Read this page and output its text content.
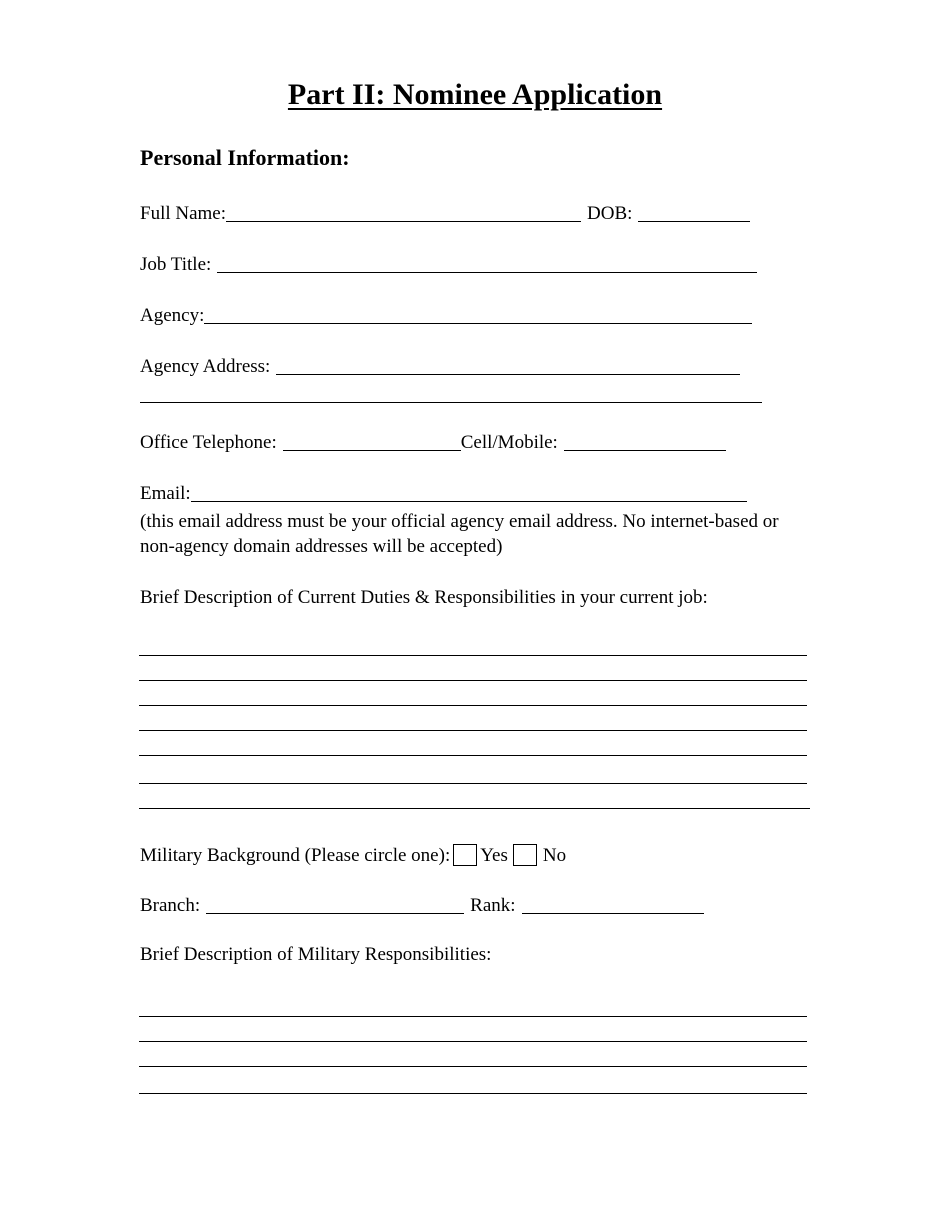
Part II: Nominee Application
Personal Information:
Full Name:	DOB:
Job Title:
Agency:
Agency Address:
Office Telephone:	Cell/Mobile:
Email:
(this email address must be your official agency email address. No internet-based or non-agency domain addresses will be accepted)
Brief Description of Current Duties & Responsibilities in your current job:
Military Background (Please circle one): Yes No
Branch:	Rank:
Brief Description of Military Responsibilities:
